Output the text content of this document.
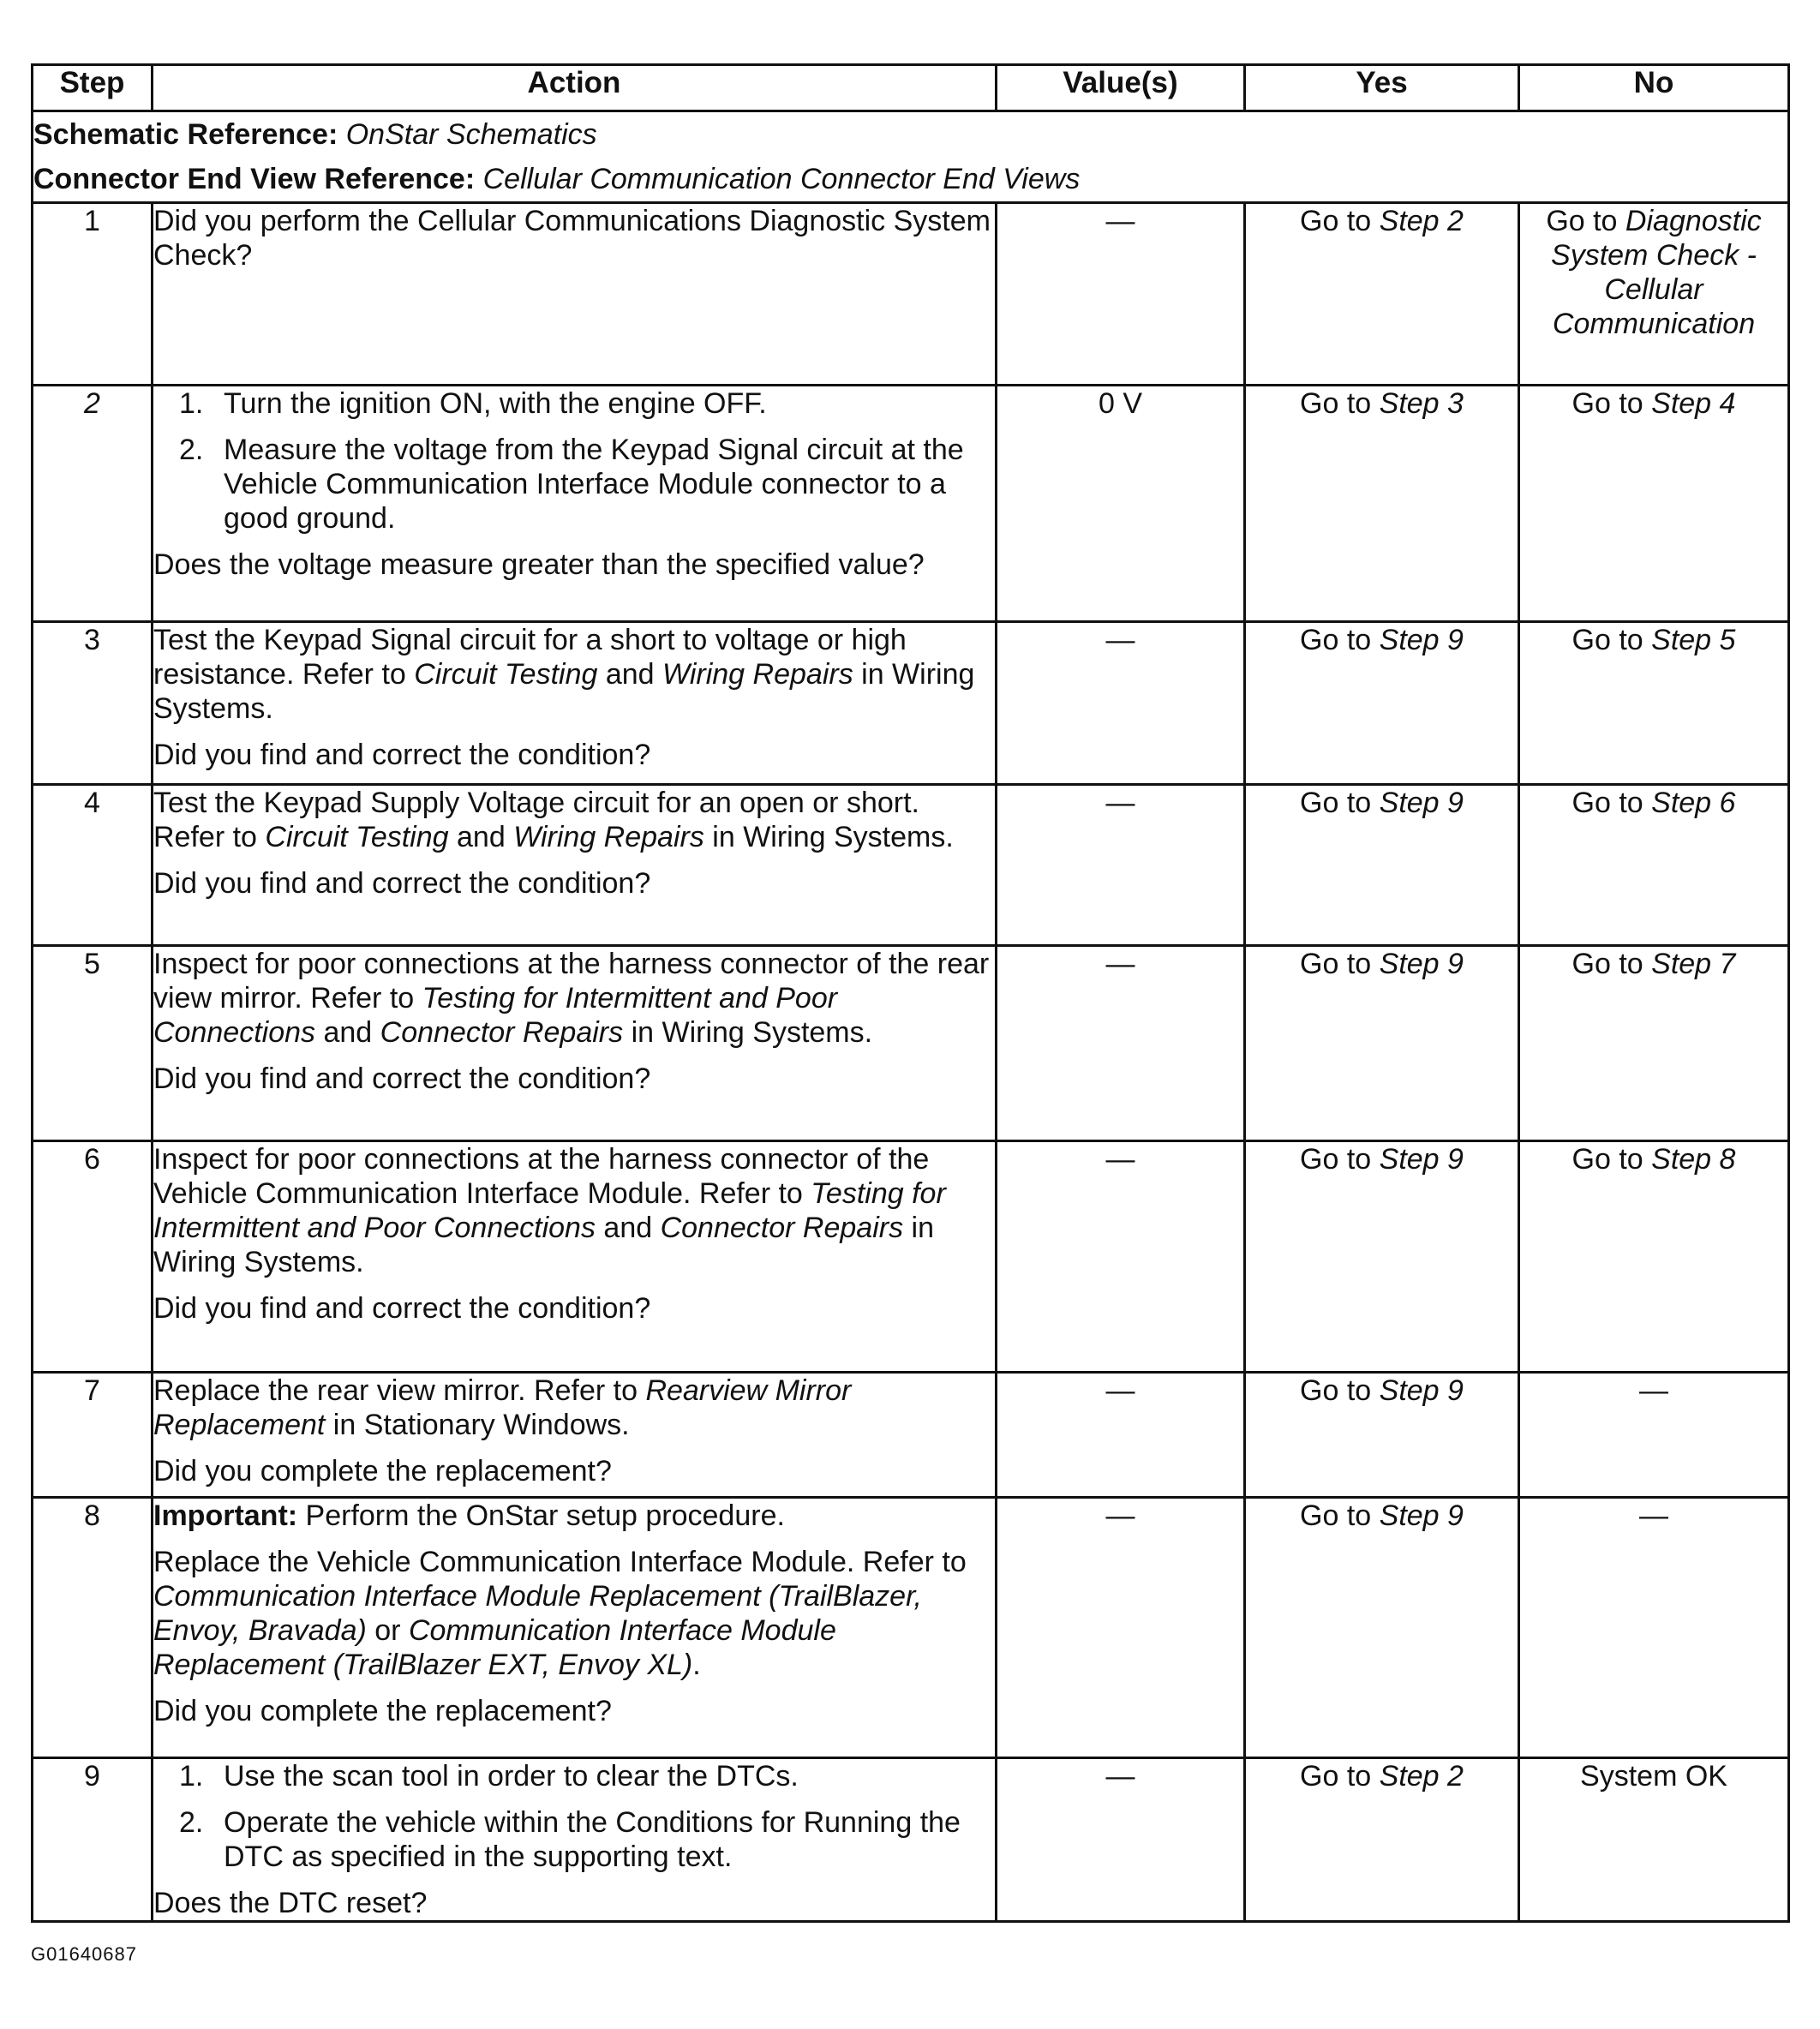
Step	Action	Value(s)	Yes	No

Schematic Reference: OnStar Schematics
Connector End View Reference: Cellular Communication Connector End Views				

1	Did you perform the Cellular Communications Diagnostic System Check?	—	Go to Step 2	Go to Diagnostic System Check - Cellular Communication
2	1. Turn the ignition ON, with the engine OFF.
2. Measure the voltage from the Keypad Signal circuit at the Vehicle Communication Interface Module connector to a good ground.

Does the voltage measure greater than the specified value?	0 V	Go to Step 3	Go to Step 4
3	Test the Keypad Signal circuit for a short to voltage or high resistance. Refer to Circuit Testing and Wiring Repairs in Wiring Systems.

Did you find and correct the condition?	—	Go to Step 9	Go to Step 5
4	Test the Keypad Supply Voltage circuit for an open or short. Refer to Circuit Testing and Wiring Repairs in Wiring Systems.

Did you find and correct the condition?	—	Go to Step 9	Go to Step 6
5	Inspect for poor connections at the harness connector of the rear view mirror. Refer to Testing for Intermittent and Poor Connections and Connector Repairs in Wiring Systems.

Did you find and correct the condition?	—	Go to Step 9	Go to Step 7
6	Inspect for poor connections at the harness connector of the Vehicle Communication Interface Module. Refer to Testing for Intermittent and Poor Connections and Connector Repairs in Wiring Systems.

Did you find and correct the condition?	—	Go to Step 9	Go to Step 8
7	Replace the rear view mirror. Refer to Rearview Mirror Replacement in Stationary Windows.

Did you complete the replacement?	—	Go to Step 9	—
8	Important: Perform the OnStar setup procedure.

Replace the Vehicle Communication Interface Module. Refer to Communication Interface Module Replacement (TrailBlazer, Envoy, Bravada) or Communication Interface Module Replacement (TrailBlazer EXT, Envoy XL).

Did you complete the replacement?	—	Go to Step 9	—
9	1. Use the scan tool in order to clear the DTCs.
2. Operate the vehicle within the Conditions for Running the DTC as specified in the supporting text.

Does the DTC reset?	—	Go to Step 2	System OK
G01640687
